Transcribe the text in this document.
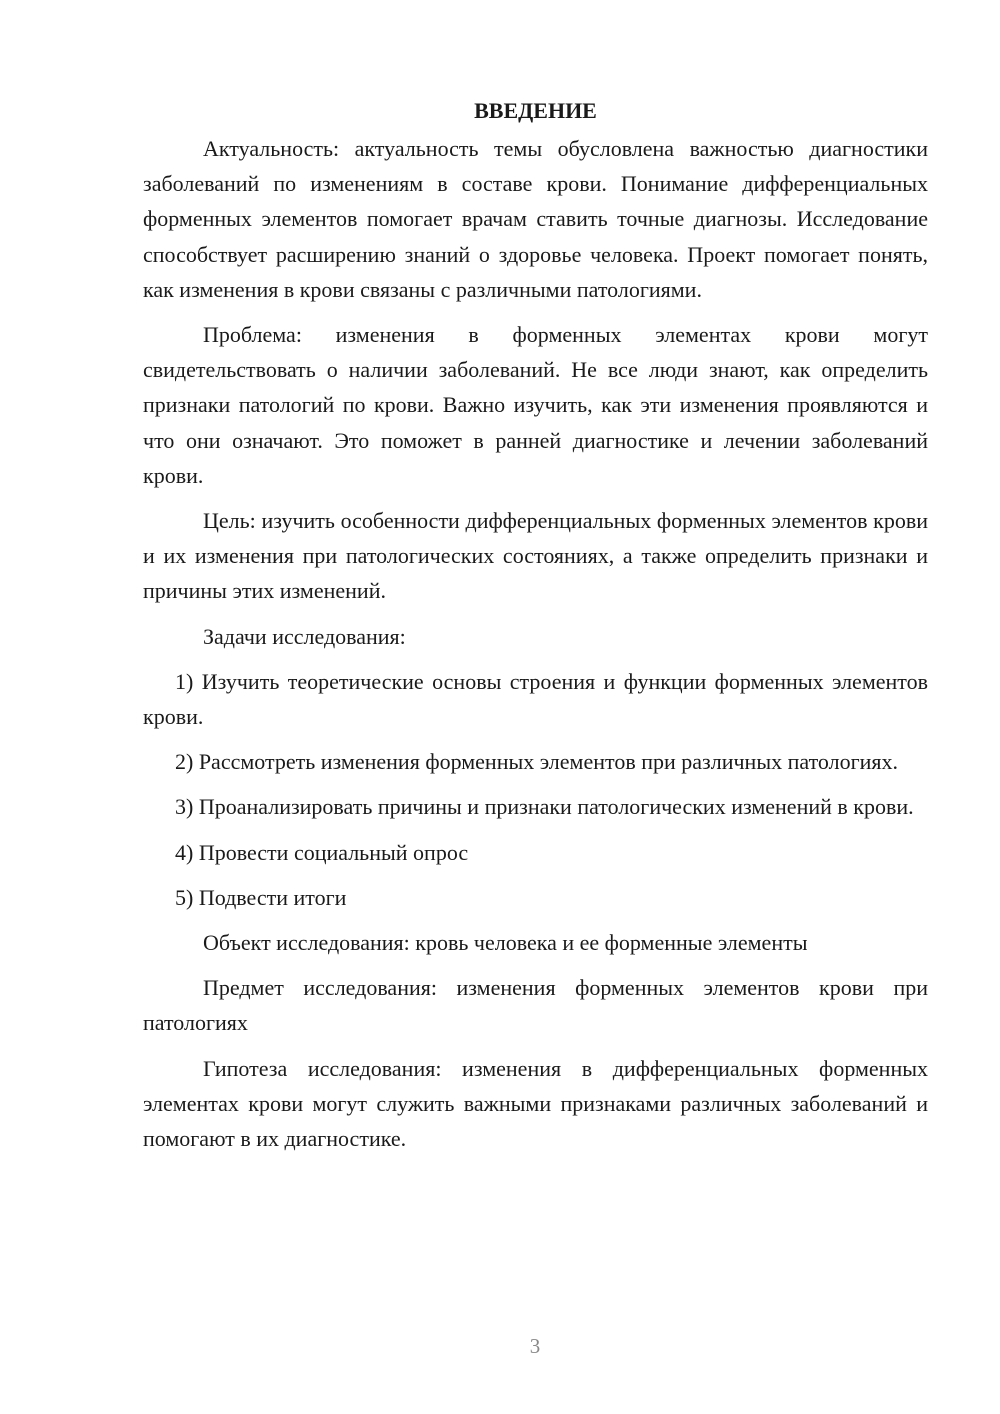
ВВЕДЕНИЕ

Актуальность: актуальность темы обусловлена важностью диагностики заболеваний по изменениям в составе крови. Понимание дифференциальных форменных элементов помогает врачам ставить точные диагнозы. Исследование способствует расширению знаний о здоровье человека. Проект помогает понять, как изменения в крови связаны с различными патологиями.

Проблема: изменения в форменных элементах крови могут свидетельствовать о наличии заболеваний. Не все люди знают, как определить признаки патологий по крови. Важно изучить, как эти изменения проявляются и что они означают. Это поможет в ранней диагностике и лечении заболеваний крови.

Цель: изучить особенности дифференциальных форменных элементов крови и их изменения при патологических состояниях, а также определить признаки и причины этих изменений.

Задачи исследования:

1) Изучить теоретические основы строения и функции форменных элементов крови.

2) Рассмотреть изменения форменных элементов при различных патологиях.

3) Проанализировать причины и признаки патологических изменений в крови.

4) Провести социальный опрос

5) Подвести итоги

Объект исследования: кровь человека и ее форменные элементы

Предмет исследования: изменения форменных элементов крови при патологиях

Гипотеза исследования: изменения в дифференциальных форменных элементах крови могут служить важными признаками различных заболеваний и помогают в их диагностике.

3
